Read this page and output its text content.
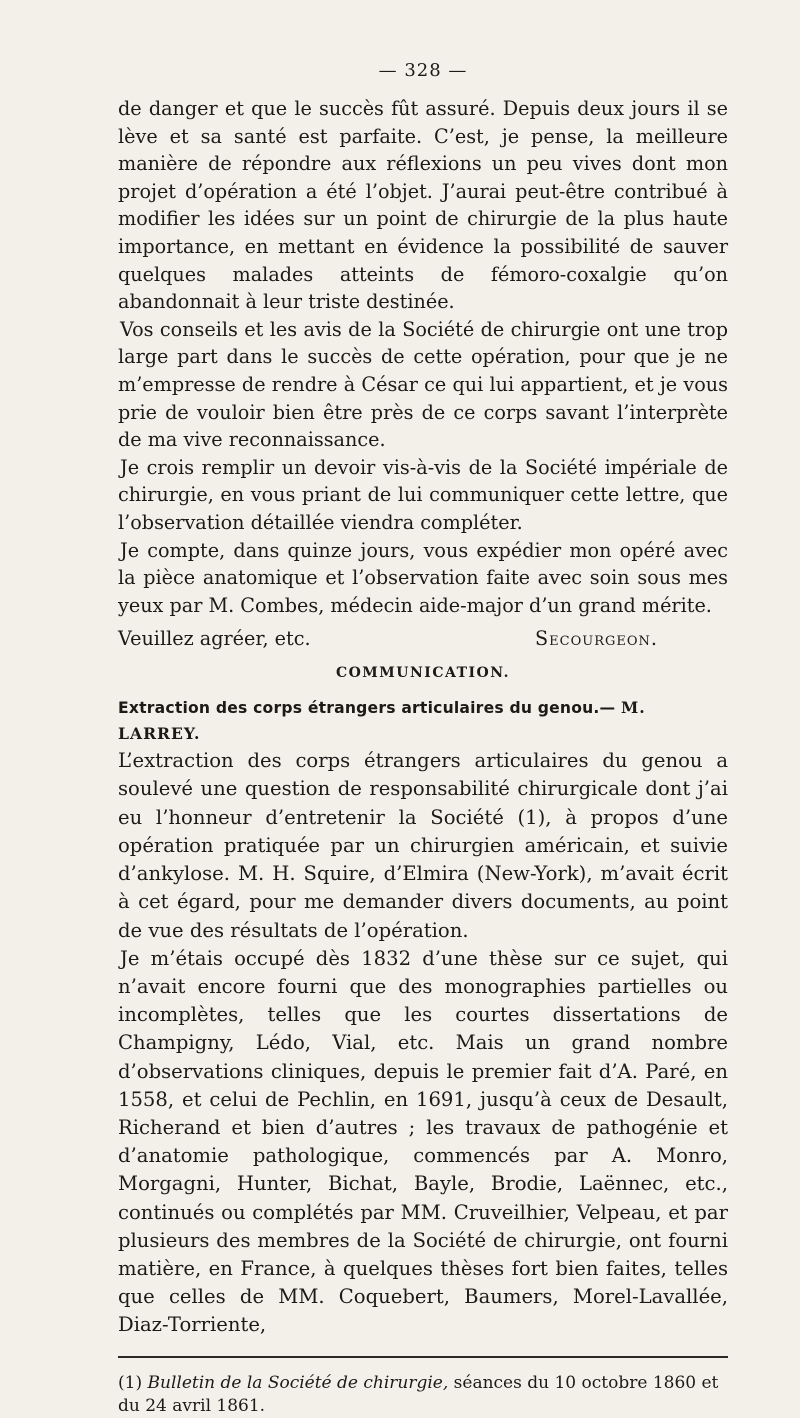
— 328 —

de danger et que le succès fût assuré. Depuis deux jours il se lève et sa santé est parfaite. C’est, je pense, la meilleure manière de répondre aux réflexions un peu vives dont mon projet d’opération a été l’objet. J’aurai peut-être contribué à modifier les idées sur un point de chirurgie de la plus haute importance, en mettant en évidence la possibilité de sauver quelques malades atteints de fémoro-coxalgie qu’on abandonnait à leur triste destinée.

Vos conseils et les avis de la Société de chirurgie ont une trop large part dans le succès de cette opération, pour que je ne m’empresse de rendre à César ce qui lui appartient, et je vous prie de vouloir bien être près de ce corps savant l’interprète de ma vive reconnaissance.

Je crois remplir un devoir vis-à-vis de la Société impériale de chirurgie, en vous priant de lui communiquer cette lettre, que l’observation détaillée viendra compléter.

Je compte, dans quinze jours, vous expédier mon opéré avec la pièce anatomique et l’observation faite avec soin sous mes yeux par M. Combes, médecin aide-major d’un grand mérite.

Veuillez agréer, etc.	Secourgeon.
COMMUNICATION.

Extraction des corps étrangers articulaires du genou.— M. LARREY.

L’extraction des corps étrangers articulaires du genou a soulevé une question de responsabilité chirurgicale dont j’ai eu l’honneur d’entretenir la Société (1), à propos d’une opération pratiquée par un chirurgien américain, et suivie d’ankylose. M. H. Squire, d’Elmira (New-York), m’avait écrit à cet égard, pour me demander divers documents, au point de vue des résultats de l’opération.

Je m’étais occupé dès 1832 d’une thèse sur ce sujet, qui n’avait encore fourni que des monographies partielles ou incomplètes, telles que les courtes dissertations de Champigny, Lédo, Vial, etc. Mais un grand nombre d’observations cliniques, depuis le premier fait d’A. Paré, en 1558, et celui de Pechlin, en 1691, jusqu’à ceux de Desault, Richerand et bien d’autres ; les travaux de pathogénie et d’anatomie pathologique, commencés par A. Monro, Morgagni, Hunter, Bichat, Bayle, Brodie, Laënnec, etc., continués ou complétés par MM. Cruveilhier, Velpeau, et par plusieurs des membres de la Société de chirurgie, ont fourni matière, en France, à quelques thèses fort bien faites, telles que celles de MM. Coquebert, Baumers, Morel-Lavallée, Diaz-Torriente,

(1) Bulletin de la Société de chirurgie, séances du 10 octobre 1860 et du 24 avril 1861.
